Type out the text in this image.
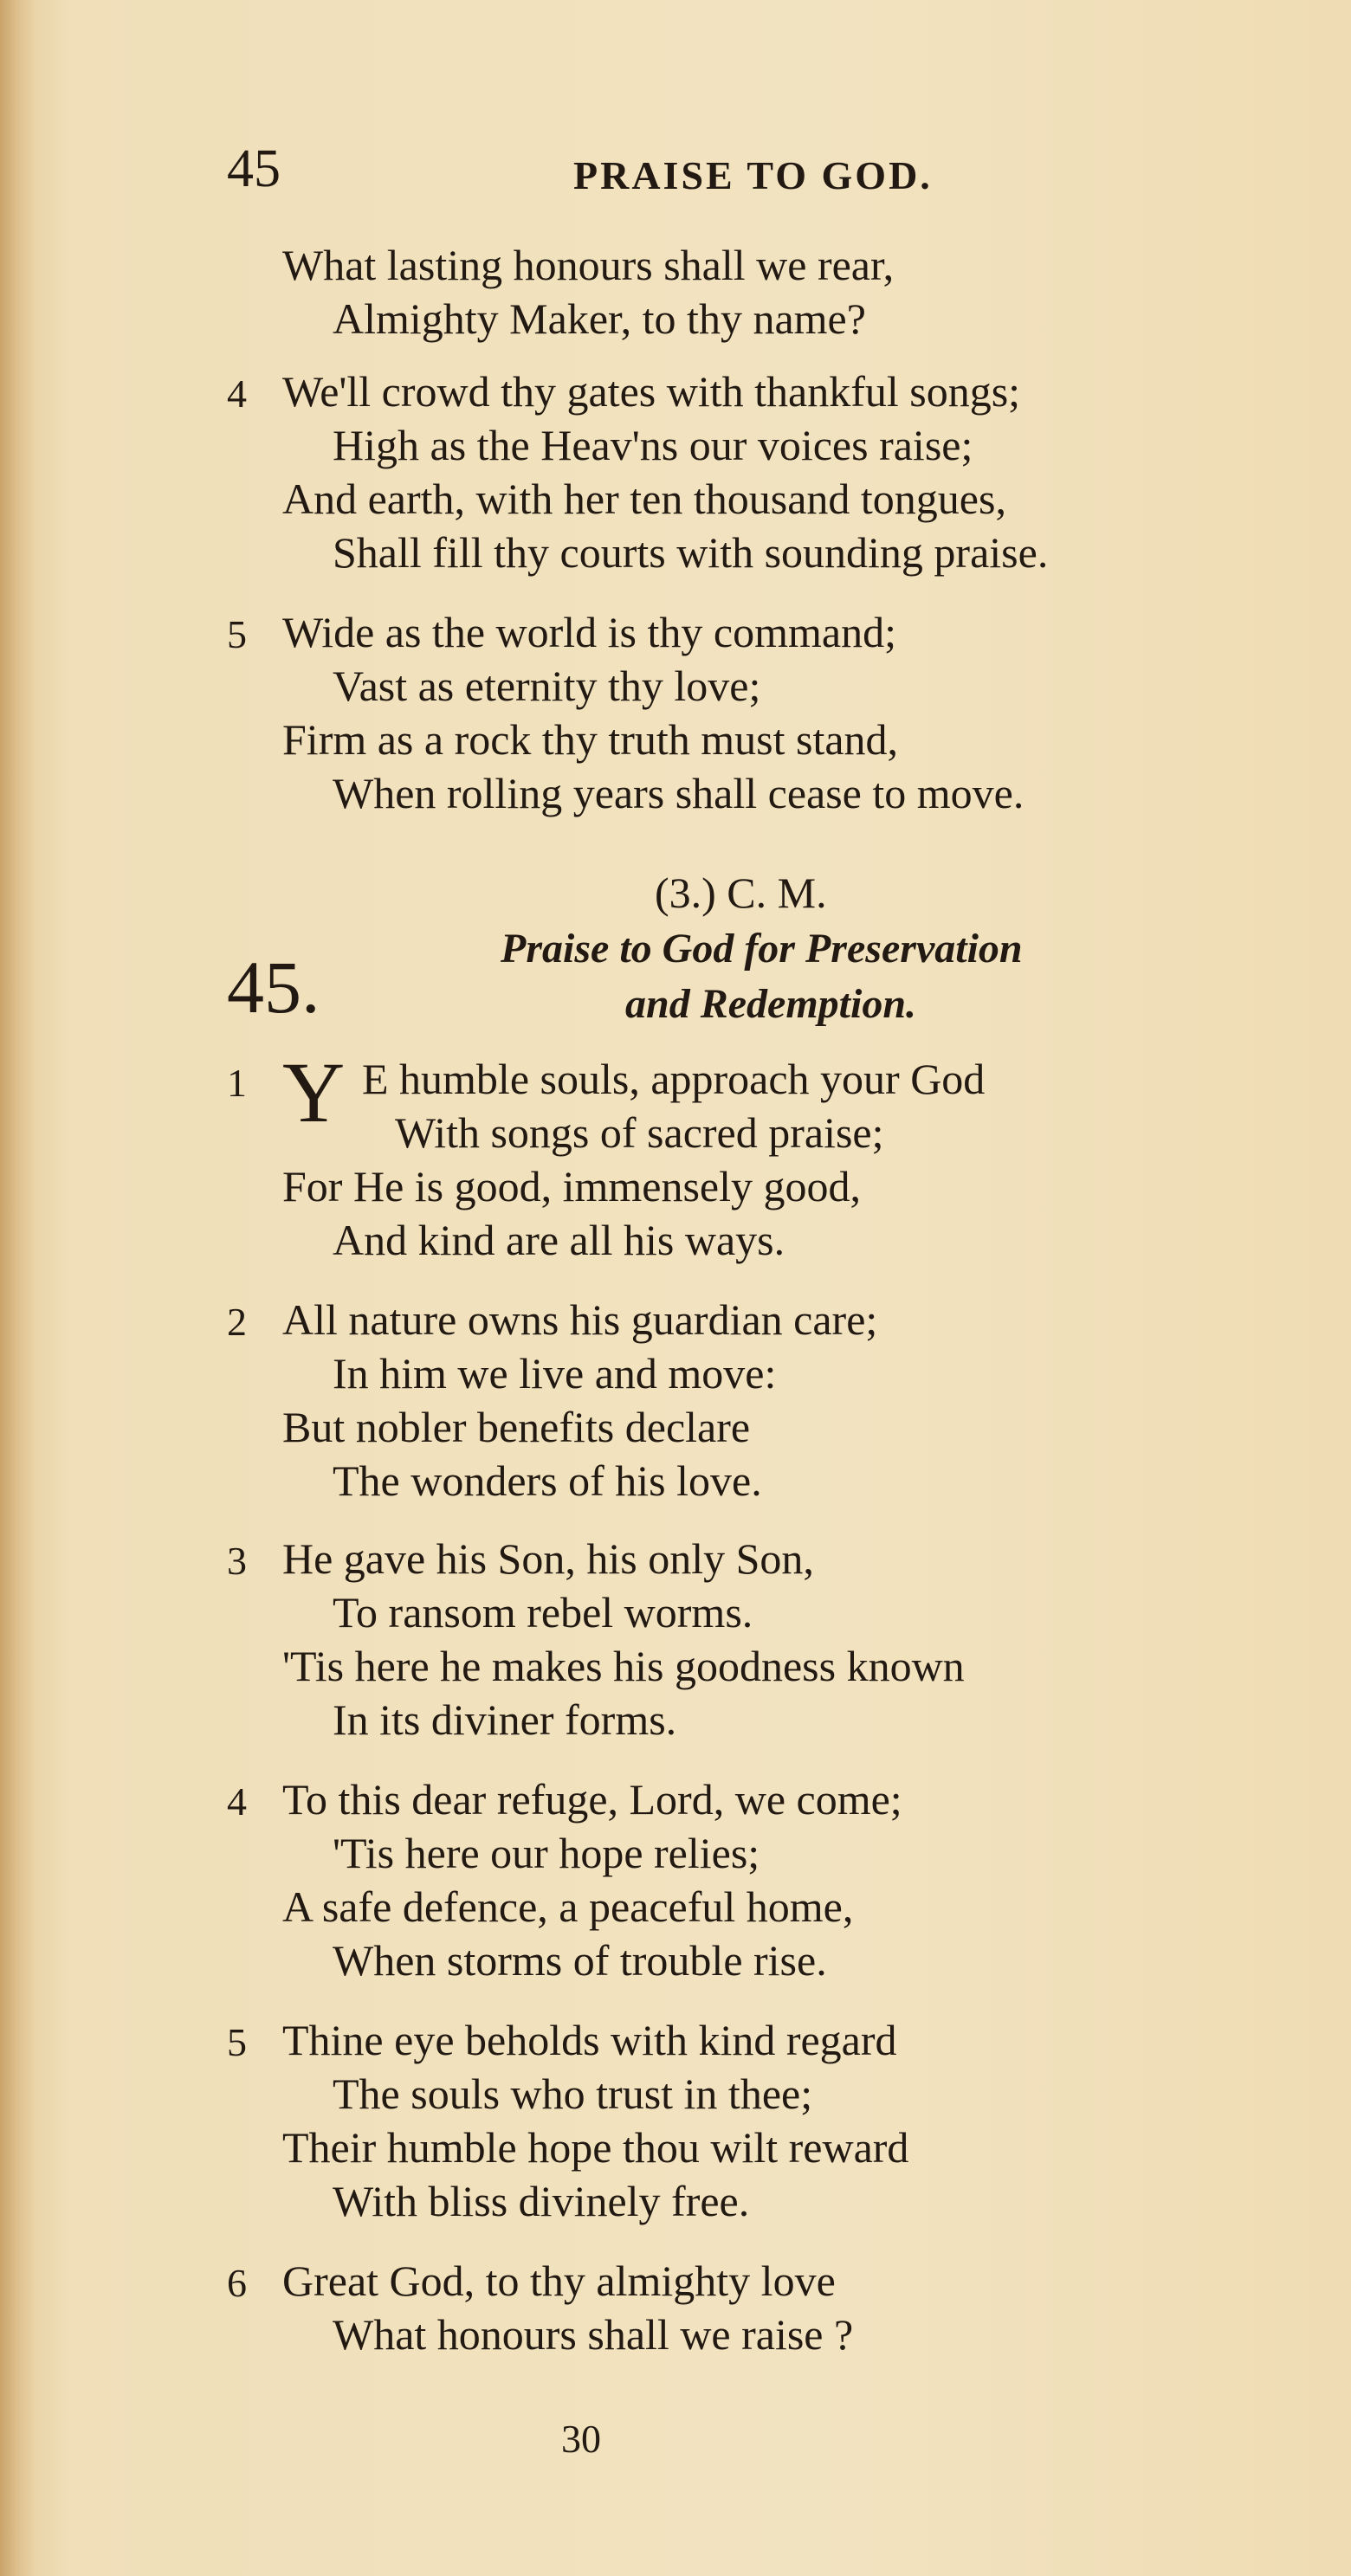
45	PRAISE TO GOD.
What lasting honours shall we rear,
Almighty Maker, to thy name?
4 We'll crowd thy gates with thankful songs;
High as the Heav'ns our voices raise;
And earth, with her ten thousand tongues,
Shall fill thy courts with sounding praise.
5 Wide as the world is thy command;
Vast as eternity thy love;
Firm as a rock thy truth must stand,
When rolling years shall cease to move.
(3.) C. M.
45.	Praise to God for Preservation
and Redemption.
1 Y E humble souls, approach your God
With songs of sacred praise;
For He is good, immensely good,
And kind are all his ways.
2 All nature owns his guardian care;
In him we live and move:
But nobler benefits declare
The wonders of his love.
3 He gave his Son, his only Son,
To ransom rebel worms.
'Tis here he makes his goodness known
In its diviner forms.
4 To this dear refuge, Lord, we come;
'Tis here our hope relies;
A safe defence, a peaceful home,
When storms of trouble rise.
5 Thine eye beholds with kind regard
The souls who trust in thee;
Their humble hope thou wilt reward
With bliss divinely free.
6 Great God, to thy almighty love
What honours shall we raise ?
30
